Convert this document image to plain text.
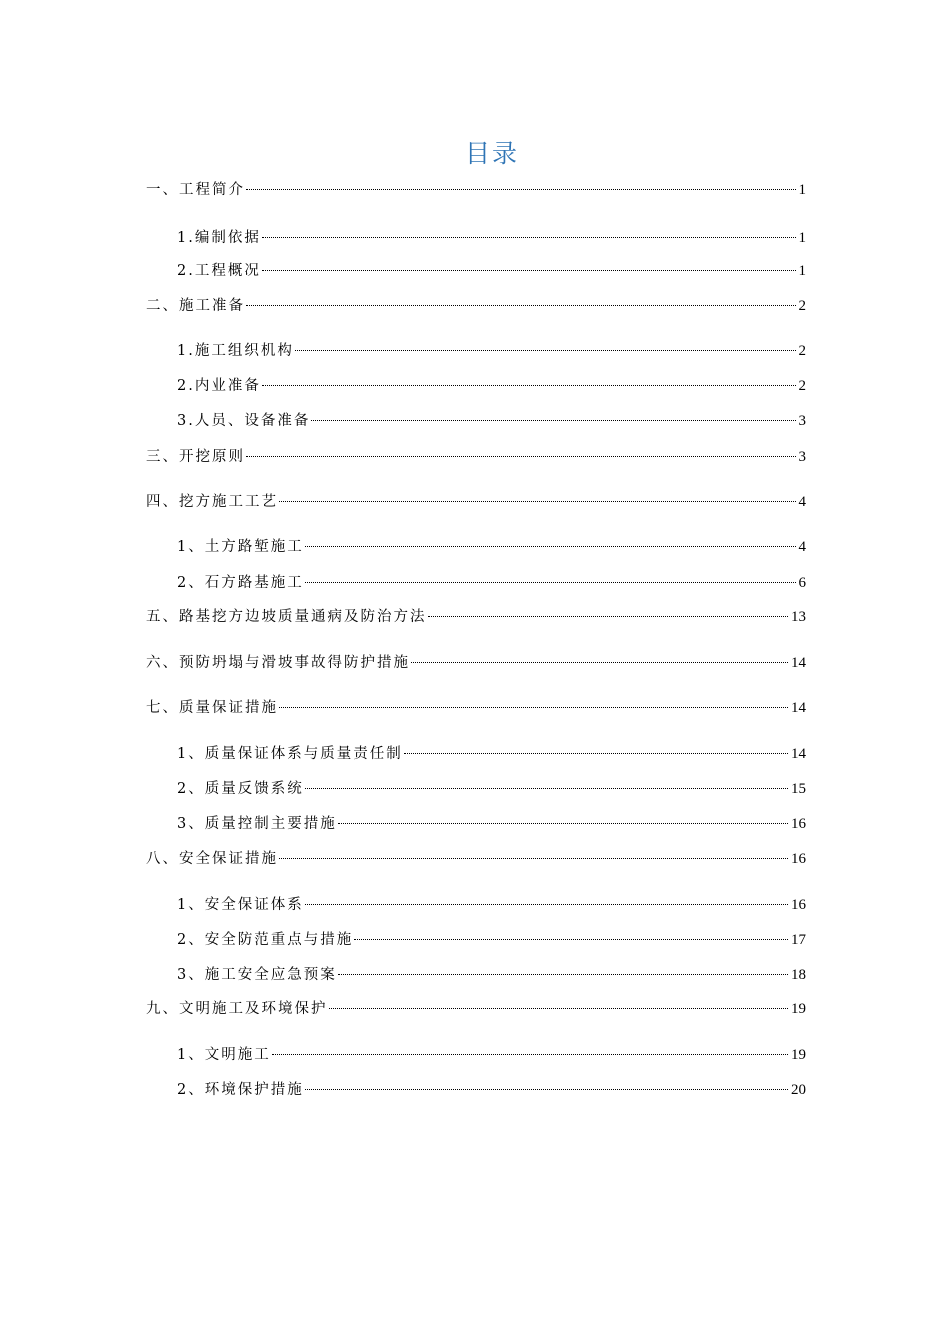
目录
一、工程简介	1
1.编制依据	1
2.工程概况	1
二、施工准备	2
1.施工组织机构	2
2.内业准备	2
3.人员、设备准备	3
三、开挖原则	3
四、挖方施工工艺	4
1、土方路堑施工	4
2、石方路基施工	6
五、路基挖方边坡质量通病及防治方法	13
六、预防坍塌与滑坡事故得防护措施	14
七、质量保证措施	14
1、质量保证体系与质量责任制	14
2、质量反馈系统	15
3、质量控制主要措施	16
八、安全保证措施	16
1、安全保证体系	16
2、安全防范重点与措施	17
3、施工安全应急预案	18
九、文明施工及环境保护	19
1、文明施工	19
2、环境保护措施	20
